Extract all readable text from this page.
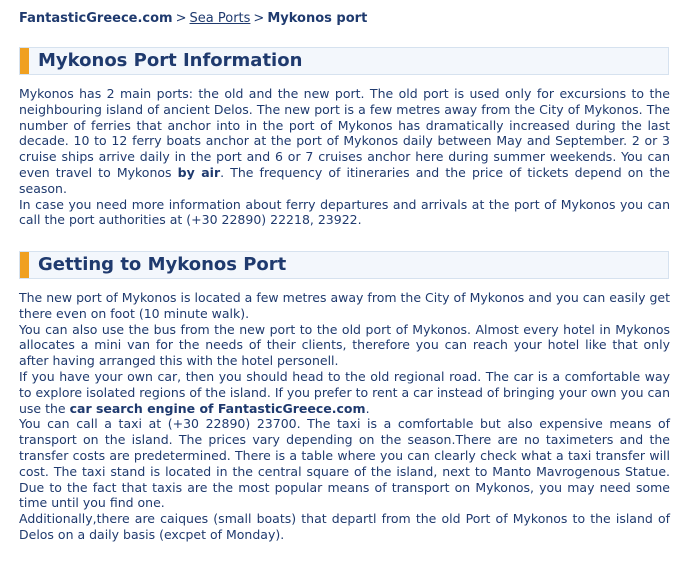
FantasticGreece.com > Sea Ports > Mykonos port
Mykonos Port Information

Mykonos has 2 main ports: the old and the new port. The old port is used only for excursions to the neighbouring island of ancient Delos. The new port is a few metres away from the City of Mykonos. The number of ferries that anchor into in the port of Mykonos has dramatically increased during the last decade. 10 to 12 ferry boats anchor at the port of Mykonos daily between May and September. 2 or 3 cruise ships arrive daily in the port and 6 or 7 cruises anchor here during summer weekends. You can even travel to Mykonos by air. The frequency of itineraries and the price of tickets depend on the season.

In case you need more information about ferry departures and arrivals at the port of Mykonos you can call the port authorities at (+30 22890) 22218, 23922.

Getting to Mykonos Port

The new port of Mykonos is located a few metres away from the City of Mykonos and you can easily get there even on foot (10 minute walk).

You can also use the bus from the new port to the old port of Mykonos. Almost every hotel in Mykonos allocates a mini van for the needs of their clients, therefore you can reach your hotel like that only after having arranged this with the hotel personell.

If you have your own car, then you should head to the old regional road. The car is a comfortable way to explore isolated regions of the island. If you prefer to rent a car instead of bringing your own you can use the car search engine of FantasticGreece.com.

You can call a taxi at (+30 22890) 23700. The taxi is a comfortable but also expensive means of transport on the island. The prices vary depending on the season.There are no taximeters and the transfer costs are predetermined. There is a table where you can clearly check what a taxi transfer will cost. The taxi stand is located in the central square of the island, next to Manto Mavrogenous Statue. Due to the fact that taxis are the most popular means of transport on Mykonos, you may need some time until you find one.

Additionally,there are caiques (small boats) that departl from the old Port of Mykonos to the island of Delos on a daily basis (excpet of Monday).
